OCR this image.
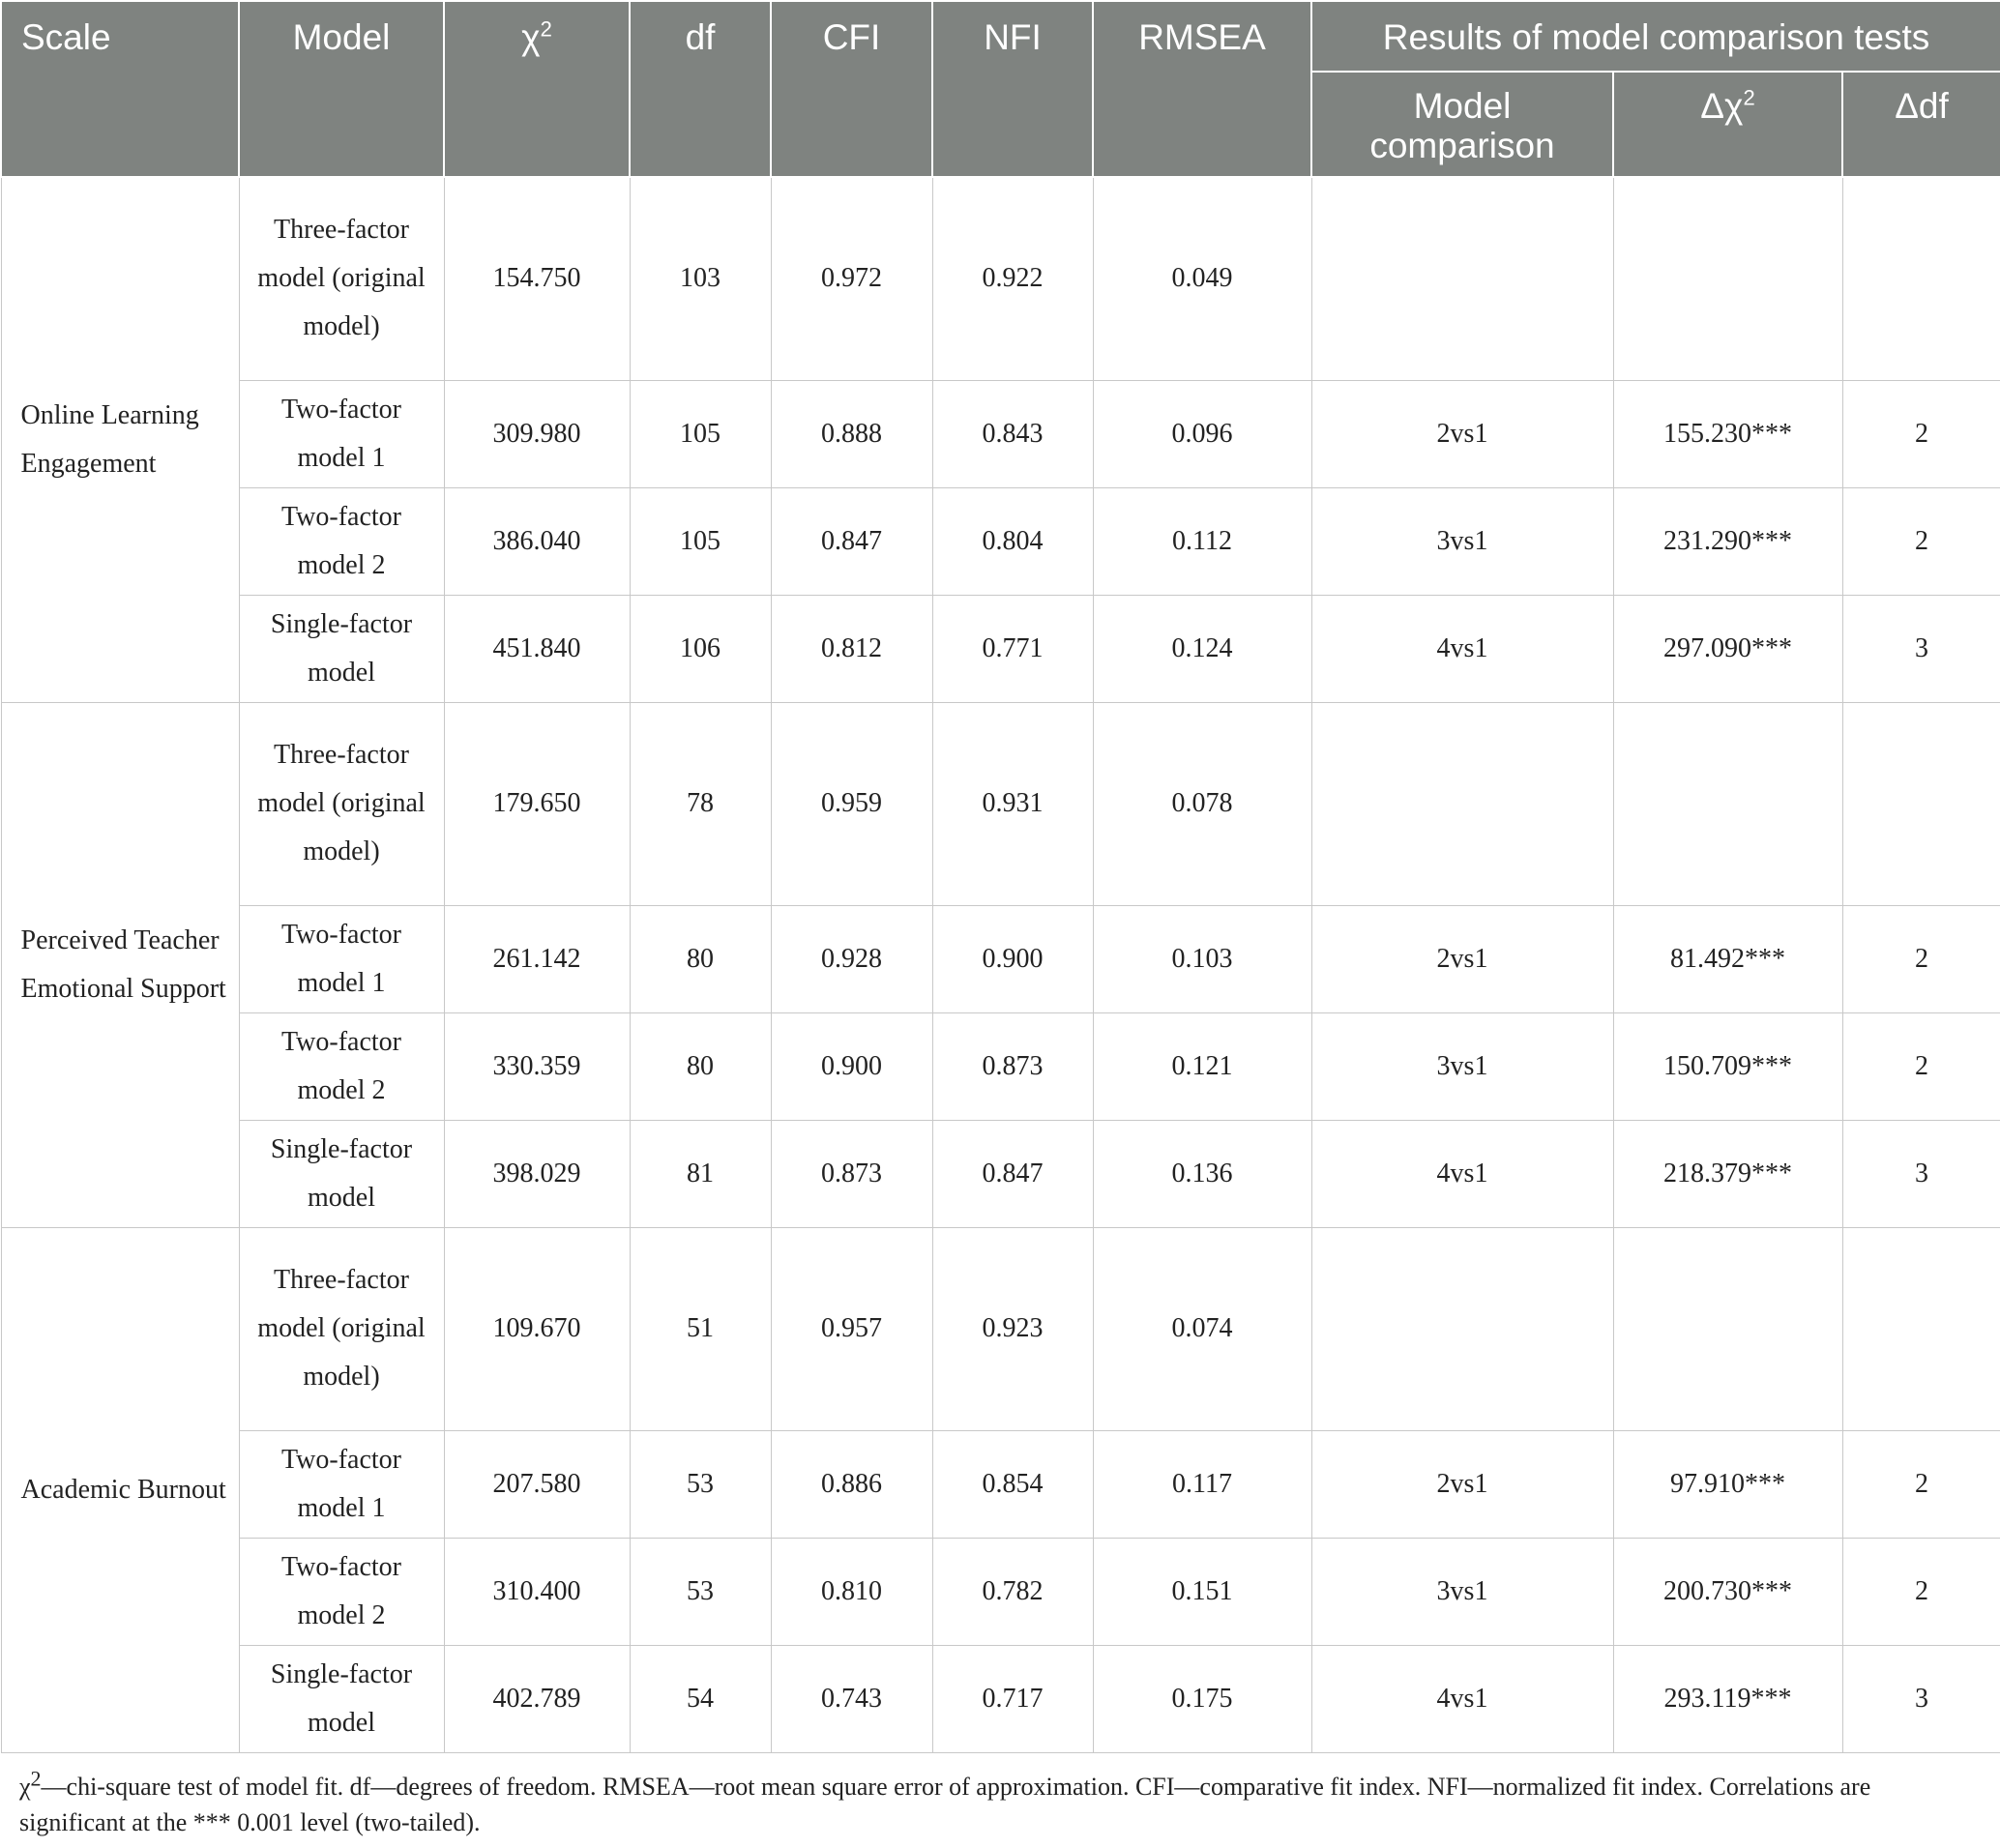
Scale	Model	$\chi^2$	df	CFI	NFI	RMSEA	Results of model comparison tests		
							Model comparison	$\Delta\chi^2$	Δdf
Online Learning Engagement	Three-factor model (original model)	154.750	103	0.972	0.922	0.049			
	Two-factor model 1	309.980	105	0.888	0.843	0.096	2vs1	155.230***	2
	Two-factor model 2	386.040	105	0.847	0.804	0.112	3vs1	231.290***	2
	Single-factor model	451.840	106	0.812	0.771	0.124	4vs1	297.090***	3
Perceived Teacher Emotional Support	Three-factor model (original model)	179.650	78	0.959	0.931	0.078			
	Two-factor model 1	261.142	80	0.928	0.900	0.103	2vs1	81.492***	2
	Two-factor model 2	330.359	80	0.900	0.873	0.121	3vs1	150.709***	2
	Single-factor model	398.029	81	0.873	0.847	0.136	4vs1	218.379***	3
Academic Burnout	Three-factor model (original model)	109.670	51	0.957	0.923	0.074			
	Two-factor model 1	207.580	53	0.886	0.854	0.117	2vs1	97.910***	2
	Two-factor model 2	310.400	53	0.810	0.782	0.151	3vs1	200.730***	2
	Single-factor model	402.789	54	0.743	0.717	0.175	4vs1	293.119***	3
$\chi^2—chi$-square test of model fit. df—degrees of freedom. RMSEA—root mean square error of approximation. CFI—comparative fit index. NFI—normalized fit index. Correlations are significant at the *** 0.001 level (two-tailed).
